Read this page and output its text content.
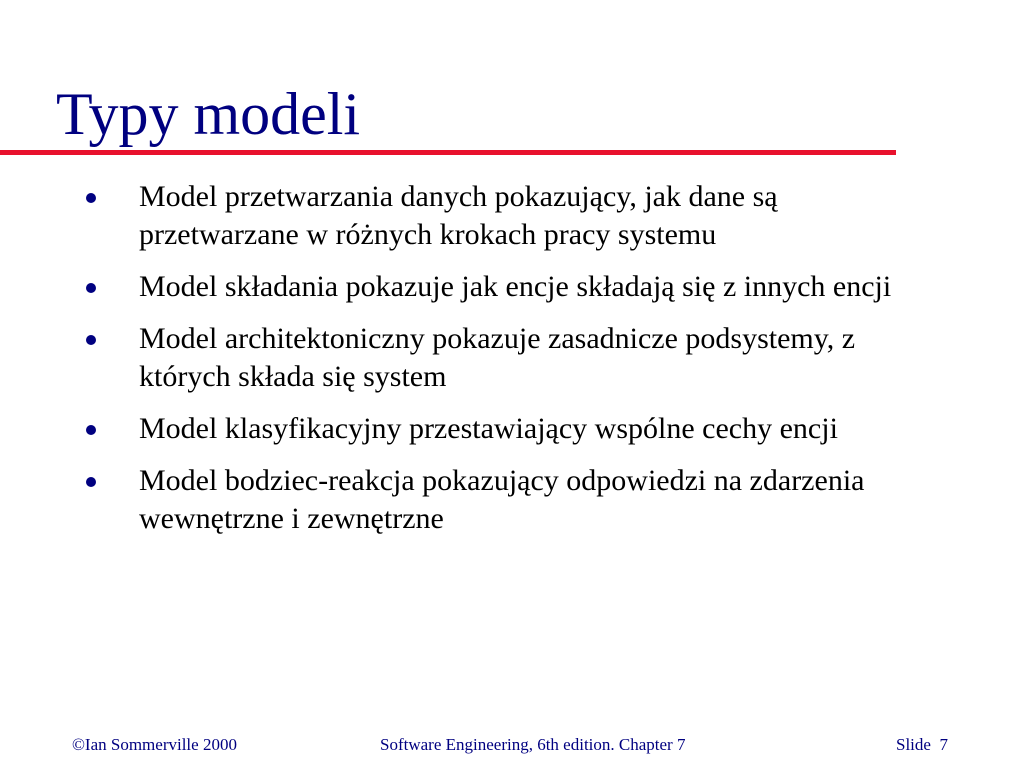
Typy modeli
Model przetwarzania danych pokazujący, jak dane są przetwarzane w różnych krokach pracy systemu
Model składania pokazuje jak encje składają się z innych encji
Model architektoniczny pokazuje zasadnicze podsystemy, z których składa się system
Model klasyfikacyjny przestawiający wspólne cechy encji
Model bodziec-reakcja pokazujący odpowiedzi na zdarzenia wewnętrzne i zewnętrzne
©Ian Sommerville 2000	Software Engineering, 6th edition. Chapter 7	Slide  7
